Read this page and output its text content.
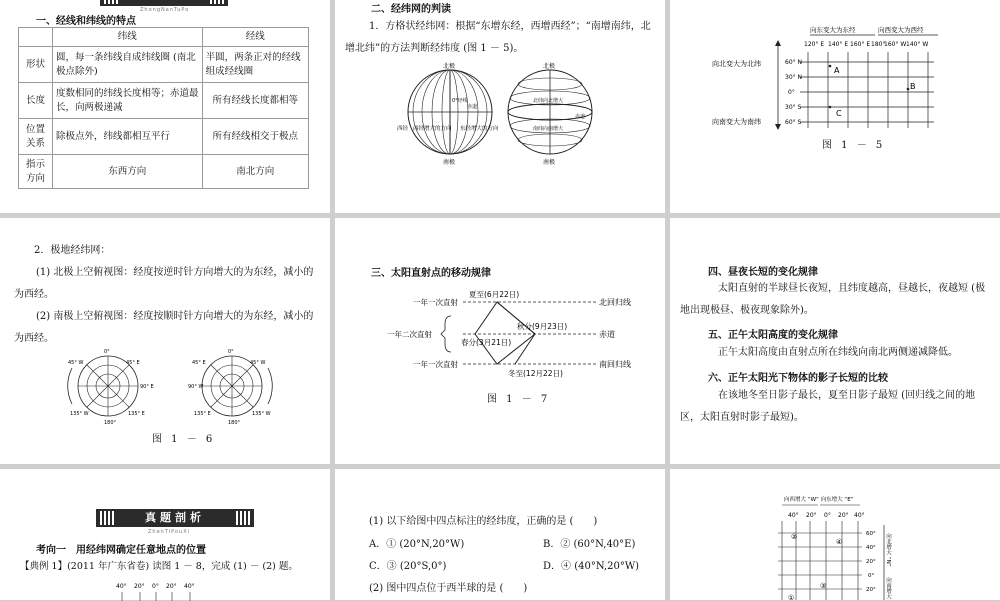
ZhongNanTuPo
一、经线和纬线的特点
	纬线	经线
形状	圆，每一条纬线自成纬线圈 (南北极点除外)	半圆，两条正对的经线组成经线圈
长度	度数相同的纬线长度相等；赤道最长，向两极递减	所有经线长度都相等
位置关系	除极点外，纬线都相互平行	所有经线相交于极点
指示方向	东西方向	南北方向
二、经纬网的判读
1．方格状经纬网：根据“东增东经，西增西经”；“南增南纬，北增北纬”的方法判断经纬度 (图 1 － 5)。
北极
南极
西经 西经增大的方向 东经增大的方向
0°经线
赤道
北极
南极
北纬向北增大
南纬向南增大
赤道
向东变大为东经	向西变大为西经
120° E 140° E 160° E 180°
160° W 140° W
向北变大为北纬
向南变大为南纬
60° N
30° N
0°
30° S
60° S
A
B
C
图 1 － 5
2．极地经纬网：
(1) 北极上空俯视图：经度按逆时针方向增大的为东经，减小的为西经。
(2) 南极上空俯视图：经度按顺时针方向增大的为东经，减小的为西经。
0°
45° W	45° E
90° E
135° W	135° E
180°
0°
45° E	45° W
90° W
135° E	135° W
180°
图 1 － 6
三、太阳直射点的移动规律
夏至(6月22日)
秋分(9月23日)
春分(3月21日)
冬至(12月22日)
北回归线
赤道
南回归线
一年一次直射
一年二次直射
一年一次直射
图 1 － 7
四、昼夜长短的变化规律
太阳直射的半球昼长夜短，且纬度越高，昼越长，夜越短 (极地出现极昼、极夜现象除外)。
五、正午太阳高度的变化规律
正午太阳高度由直射点所在纬线向南北两侧递减降低。
六、正午太阳光下物体的影子长短的比较
在该地冬至日影子最长，夏至日影子最短 (回归线之间的地区，太阳直射时影子最短)。
真题剖析
ZhenTiPouXi
考向一　用经纬网确定任意地点的位置
【典例 1】(2011 年广东省卷) 读图 1 － 8，完成 (1) － (2) 题。
40° 20° 0° 20° 40°
(1) 以下给图中四点标注的经纬度，正确的是 (　　)
A．① (20°N,20°W)	B．② (60°N,40°E)
C．③ (20°S,0°)	D．④ (40°N,20°W)
(2) 图中四点位于西半球的是 (　　)
向西增大 “W” 向东增大 “E”
40° 20° 0° 20° 40°
60°
40°
20°
0°
20°
向北增大 “N”
向南增大
②
④
③
①
